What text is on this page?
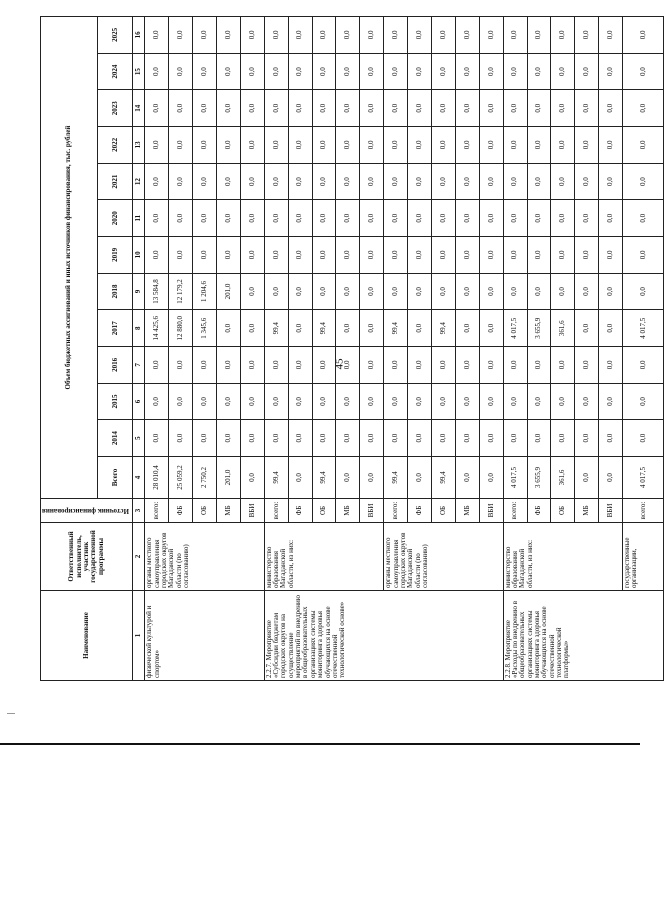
45
Наименование	Ответственный исполнитель, участник государственной программы	Источник финансирования	Объем бюджетных ассигнований и иных источников финансирования, тыс. рублей												
			Всего	2014	2015	2016	2017	2018	2019	2020	2021	2022	2023	2024	2025
1	2	3	4	5	6	7	8	9	10	11	12	13	14	15	16
физической культурой и спортом»	органы местного самоуправления городских округов Магаданской области (по согласованию)	всего:	28 010,4	0,0	0,0	0,0	14 425,6	13 584,8	0,0	0,0	0,0	0,0	0,0	0,0	0,0
		ФБ	25 059,2	0,0	0,0	0,0	12 880,0	12 179,2	0,0	0,0	0,0	0,0	0,0	0,0	0,0
		ОБ	2 750,2	0,0	0,0	0,0	1 345,6	1 204,6	0,0	0,0	0,0	0,0	0,0	0,0	0,0
		МБ	201,0	0,0	0,0	0,0	0,0	201,0	0,0	0,0	0,0	0,0	0,0	0,0	0,0
		ВБИ	0,0	0,0	0,0	0,0	0,0	0,0	0,0	0,0	0,0	0,0	0,0	0,0	0,0
2.2.7. Мероприятие «Субсидии бюджетам городских округов на осуществление мероприятий по внедрению в общеобразовательных организациях системы мониторинга здоровья обучающихся на основе отечественной технологической основе»	министерство образования Магаданской области, из них:	всего:	99,4	0,0	0,0	0,0	99,4	0,0	0,0	0,0	0,0	0,0	0,0	0,0	0,0
		ФБ	0,0	0,0	0,0	0,0	0,0	0,0	0,0	0,0	0,0	0,0	0,0	0,0	0,0
		ОБ	99,4	0,0	0,0	0,0	99,4	0,0	0,0	0,0	0,0	0,0	0,0	0,0	0,0
		МБ	0,0	0,0	0,0	0,0	0,0	0,0	0,0	0,0	0,0	0,0	0,0	0,0	0,0
		ВБИ	0,0	0,0	0,0	0,0	0,0	0,0	0,0	0,0	0,0	0,0	0,0	0,0	0,0
	органы местного самоуправления городских округов Магаданской области (по согласованию)	всего:	99,4	0,0	0,0	0,0	99,4	0,0	0,0	0,0	0,0	0,0	0,0	0,0	0,0
		ФБ	0,0	0,0	0,0	0,0	0,0	0,0	0,0	0,0	0,0	0,0	0,0	0,0	0,0
		ОБ	99,4	0,0	0,0	0,0	99,4	0,0	0,0	0,0	0,0	0,0	0,0	0,0	0,0
		МБ	0,0	0,0	0,0	0,0	0,0	0,0	0,0	0,0	0,0	0,0	0,0	0,0	0,0
		ВБИ	0,0	0,0	0,0	0,0	0,0	0,0	0,0	0,0	0,0	0,0	0,0	0,0	0,0
2.2.8. Мероприятие «Расходы по внедрению в общеобразовательных организациях системы мониторинга здоровья обучающихся на основе отечественной технологической платформы»	министерство образования Магаданской области, из них:	всего:	4 017,5	0,0	0,0	0,0	4 017,5	0,0	0,0	0,0	0,0	0,0	0,0	0,0	0,0
		ФБ	3 655,9	0,0	0,0	0,0	3 655,9	0,0	0,0	0,0	0,0	0,0	0,0	0,0	0,0
		ОБ	361,6	0,0	0,0	0,0	361,6	0,0	0,0	0,0	0,0	0,0	0,0	0,0	0,0
		МБ	0,0	0,0	0,0	0,0	0,0	0,0	0,0	0,0	0,0	0,0	0,0	0,0	0,0
		ВБИ	0,0	0,0	0,0	0,0	0,0	0,0	0,0	0,0	0,0	0,0	0,0	0,0	0,0
	государственные организации,	всего:	4 017,5	0,0	0,0	0,0	4 017,5	0,0	0,0	0,0	0,0	0,0	0,0	0,0	0,0
